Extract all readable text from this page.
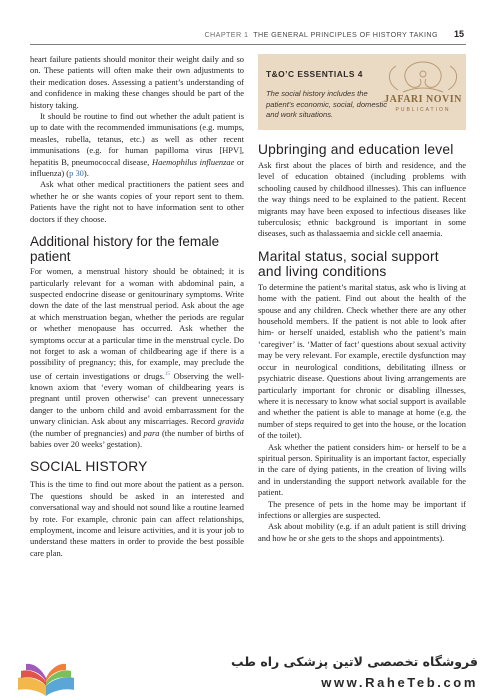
CHAPTER 1 THE GENERAL PRINCIPLES OF HISTORY TAKING 15

heart failure patients should monitor their weight daily and so on. These patients will often make their own adjustments to their medication doses. Assessing a patient’s understanding of and confidence in making these changes should be part of the history taking.

It should be routine to find out whether the adult patient is up to date with the recommended immunisations (e.g. mumps, measles, rubella, tetanus, etc.) as well as other recent immunisations (e.g. for human papilloma virus [HPV], hepatitis B, pneumococcal disease, Haemophilus influenzae or influenza) (p 30).

Ask what other medical practitioners the patient sees and whether he or she wants copies of your report sent to them. Patients have the right not to have information sent to other doctors if they choose.

Additional history for the female patient

For women, a menstrual history should be obtained; it is particularly relevant for a woman with abdominal pain, a suspected endocrine disease or genitourinary symptoms. Write down the date of the last menstrual period. Ask about the age at which menstruation began, whether the periods are regular or whether menopause has occurred. Ask whether the symptoms occur at a particular time in the menstrual cycle. Do not forget to ask a woman of childbearing age if there is a possibility of pregnancy; this, for example, may preclude the use of certain investigations or drugs.$^{15}$ Observing the well-known axiom that ‘every woman of childbearing years is pregnant until proven otherwise’ can prevent unnecessary danger to the unborn child and avoid embarrassment for the unwary clinician. Ask about any miscarriages. Record gravida (the number of pregnancies) and para (the number of births of babies over 20 weeks’ gestation).

SOCIAL HISTORY

This is the time to find out more about the patient as a person. The questions should be asked in an interested and conversational way and should not sound like a routine learned by rote. For example, chronic pain can affect relationships, employment, income and leisure activities, and it is your job to understand these matters in order to provide the best possible care plan.

JAFARI NOVIN
PUBLICATION
T&O’C ESSENTIALS 4
The social history includes the patient’s economic, social, domestic and work situations.
Upbringing and education level

Ask first about the places of birth and residence, and the level of education obtained (including problems with schooling caused by childhood illnesses). This can influence the way things need to be explained to the patient. Recent migrants may have been exposed to infectious diseases like tuberculosis; ethnic background is important in some diseases, such as thalassaemia and sickle cell anaemia.

Marital status, social support and living conditions

To determine the patient’s marital status, ask who is living at home with the patient. Find out about the health of the spouse and any children. Check whether there are any other household members. If the patient is not able to look after him- or herself unaided, establish who the patient’s main ‘caregiver’ is. ‘Matter of fact’ questions about sexual activity may be very relevant. For example, erectile dysfunction may occur in neurological conditions, debilitating illness or psychiatric disease. Questions about living arrangements are particularly important for chronic or disabling illnesses, where it is necessary to know what social support is available and whether the patient is able to manage at home (e.g. the number of steps required to get into the house, or the location of the toilet).

Ask whether the patient considers him- or herself to be a spiritual person. Spirituality is an important factor, especially in the care of dying patients, in the creation of living wills and in understanding the support network available for the patient.

The presence of pets in the home may be important if infections or allergies are suspected.

Ask about mobility (e.g. if an adult patient is still driving and how he or she gets to the shops and appointments).

فروشگاه تخصصی لاتین پزشکی راه طب
www.RaheTeb.com
